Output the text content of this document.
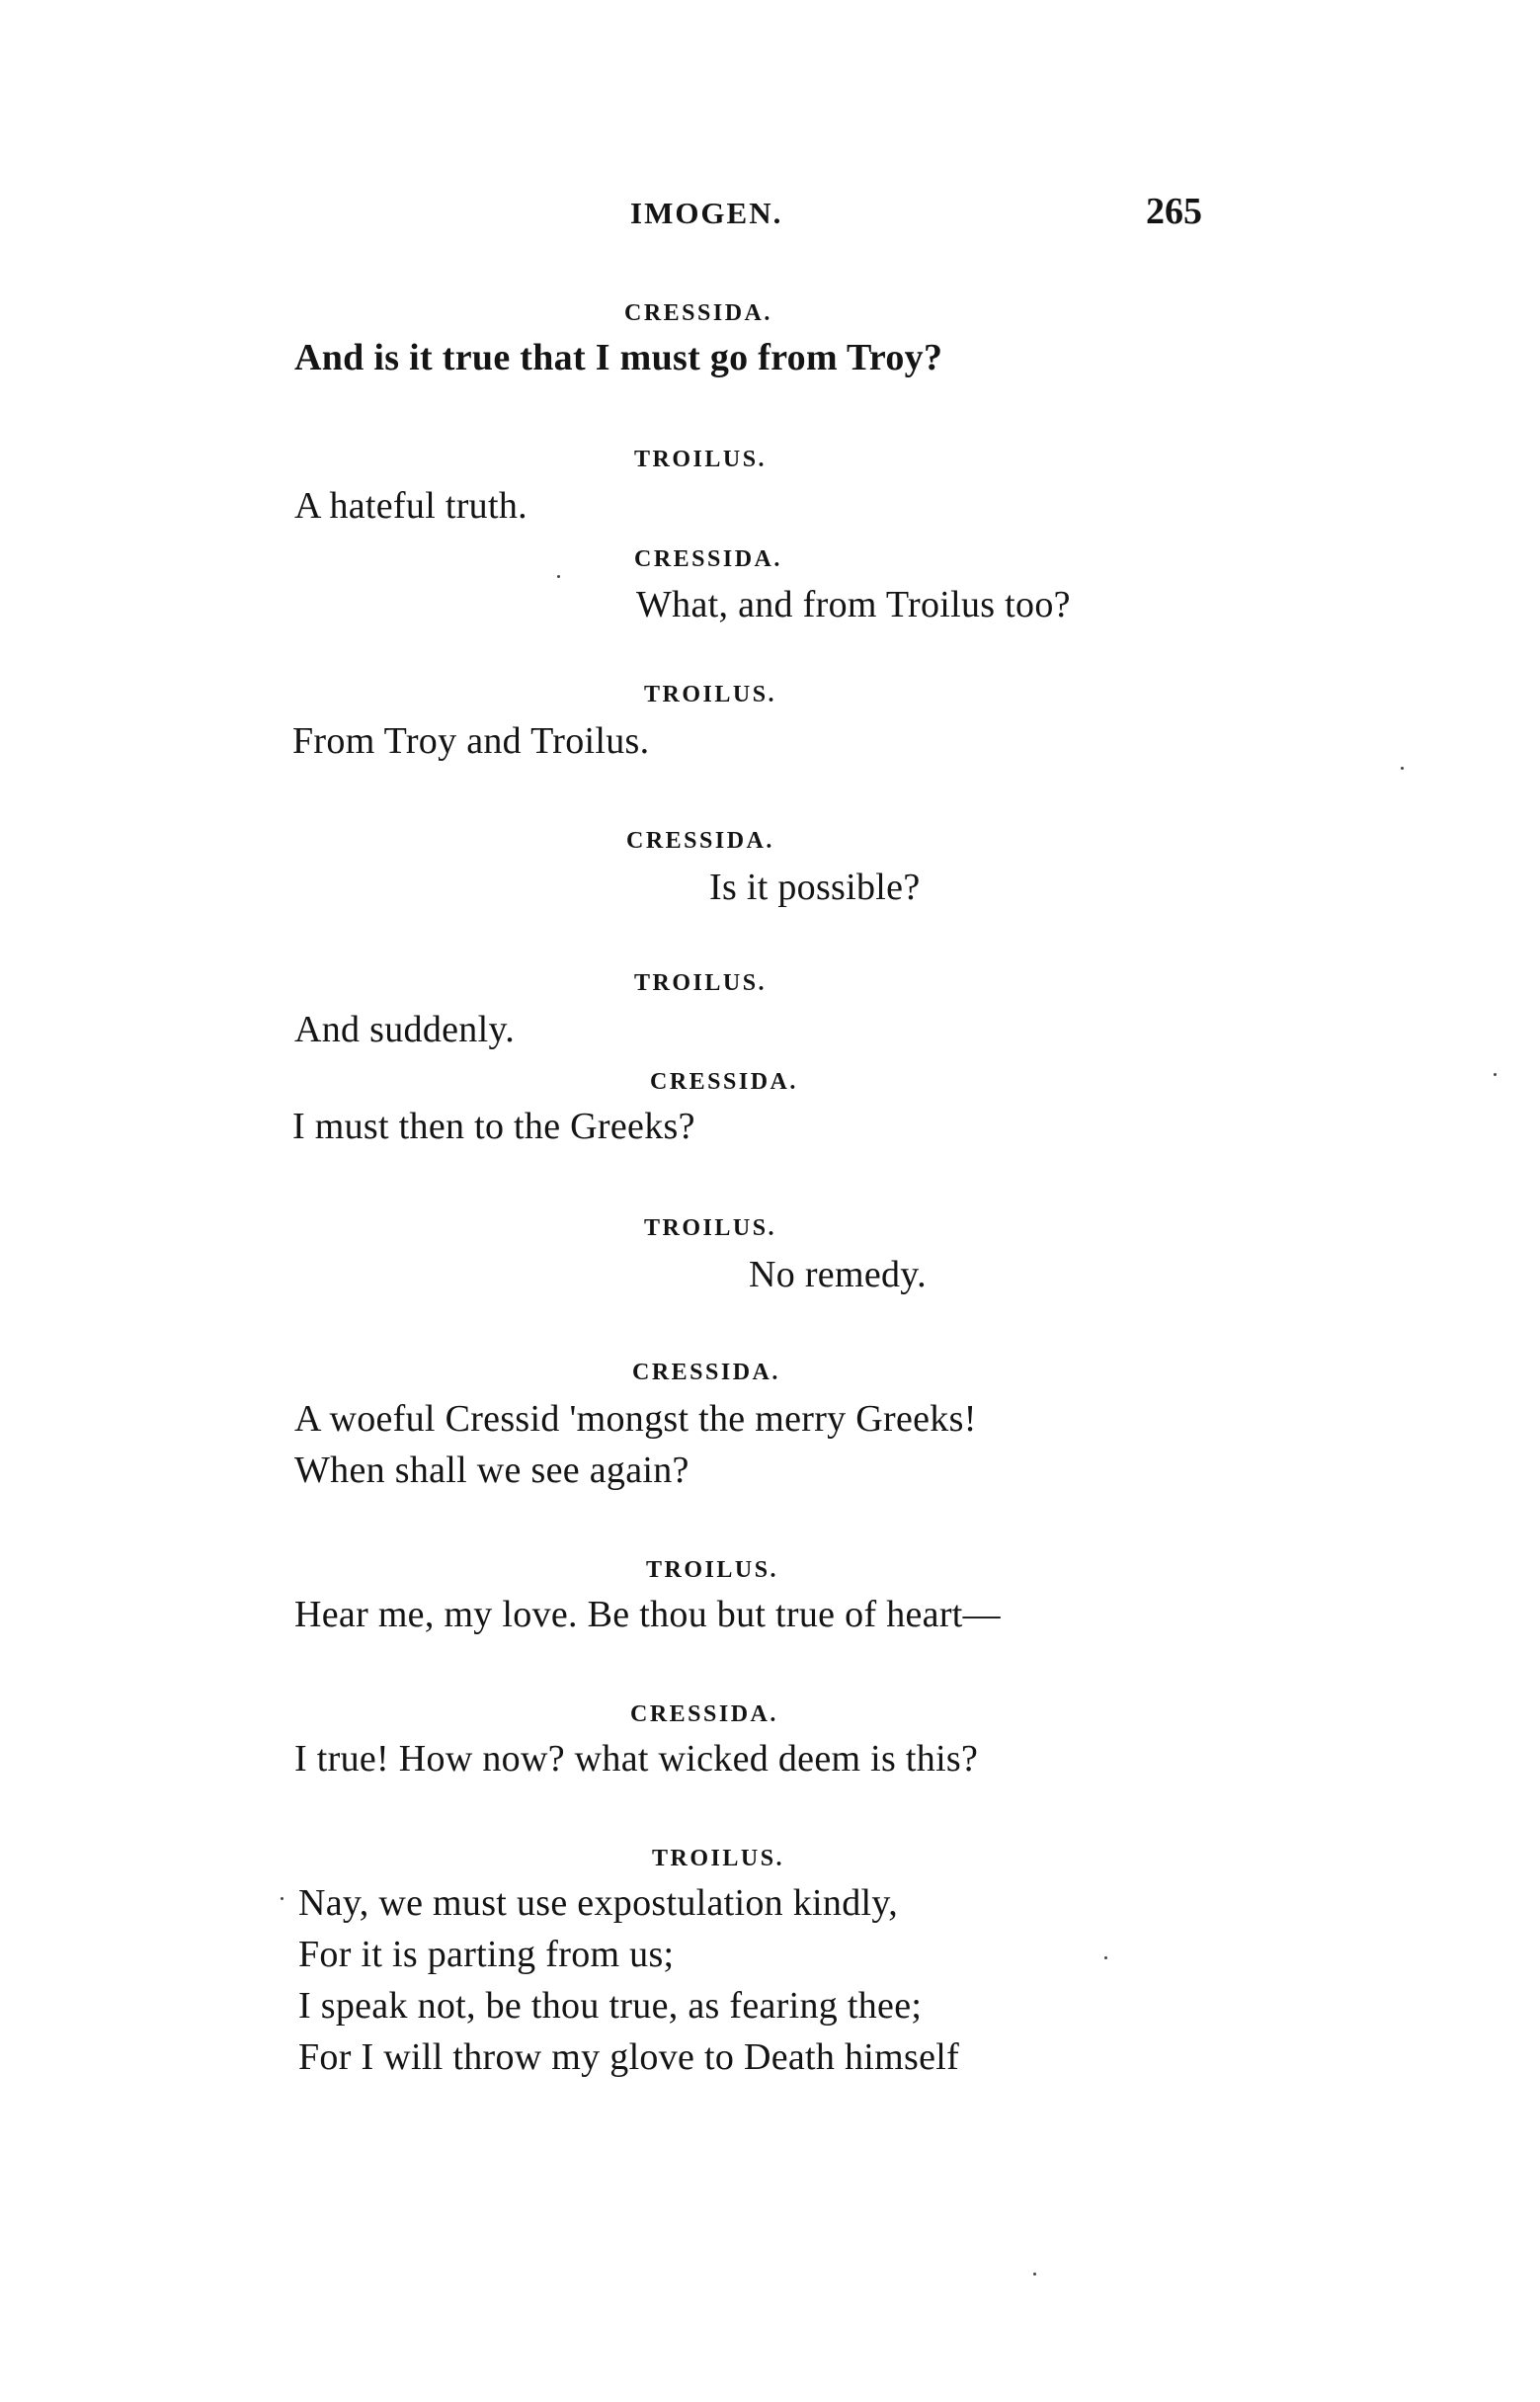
IMOGEN.	265
CRESSIDA.
And is it true that I must go from Troy?
TROILUS.
A hateful truth.
CRESSIDA.
What, and from Troilus too?
TROILUS.
From Troy and Troilus.
CRESSIDA.
Is it possible?
TROILUS.
And suddenly.
CRESSIDA.
I must then to the Greeks?
TROILUS.
No remedy.
CRESSIDA.
A woeful Cressid 'mongst the merry Greeks!
When shall we see again?
TROILUS.
Hear me, my love. Be thou but true of heart—
CRESSIDA.
I true! How now? what wicked deem is this?
TROILUS.
Nay, we must use expostulation kindly,
For it is parting from us;
I speak not, be thou true, as fearing thee;
For I will throw my glove to Death himself
